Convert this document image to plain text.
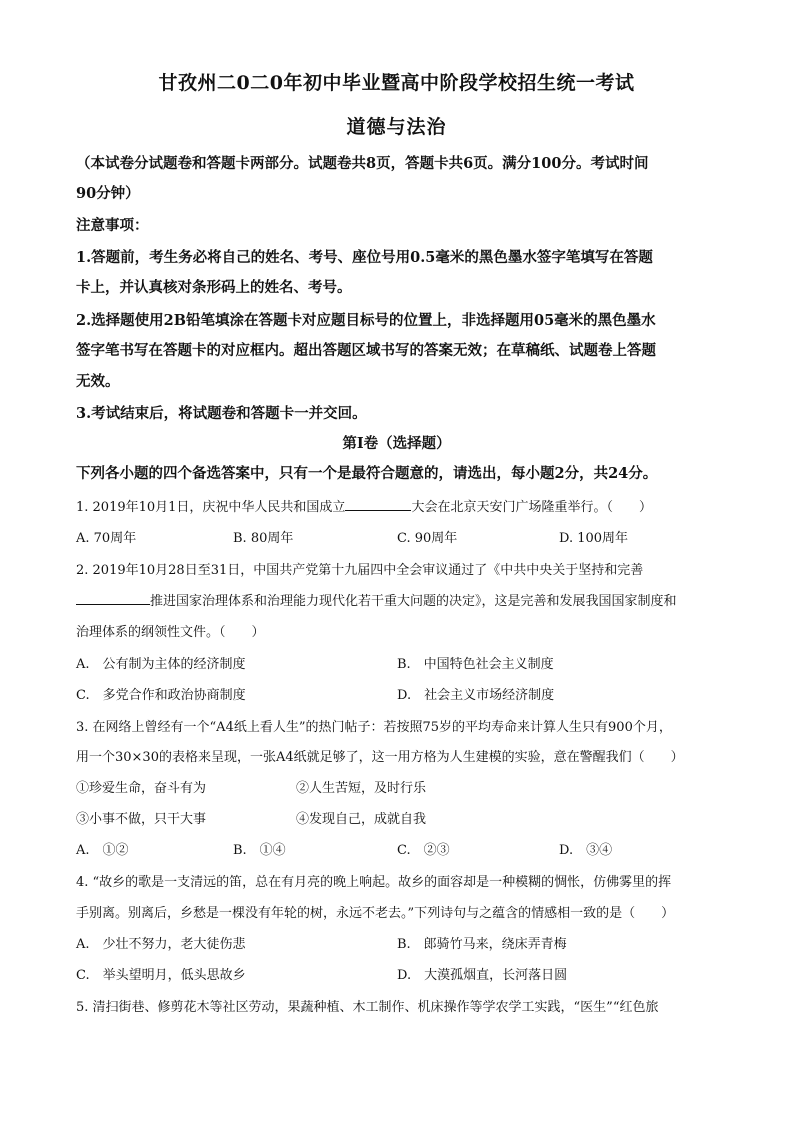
甘孜州二0二0年初中毕业暨高中阶段学校招生统一考试
道德与法治
（本试卷分试题卷和答题卡两部分。试题卷共8页，答题卡共6页。满分100分。考试时间
90分钟）
注意事项：
1.答题前，考生务必将自己的姓名、考号、座位号用0.5毫米的黑色墨水签字笔填写在答题
卡上，并认真核对条形码上的姓名、考号。
2.选择题使用2B铅笔填涂在答题卡对应题目标号的位置上，非选择题用05毫米的黑色墨水
签字笔书写在答题卡的对应框内。超出答题区域书写的答案无效；在草稿纸、试题卷上答题
无效。
3.考试结束后，将试题卷和答题卡一并交回。
第Ⅰ卷（选择题）
下列各小题的四个备选答案中，只有一个是最符合题意的，请选出，每小题2分，共24分。
1. 2019年10月1日，庆祝中华人民共和国成立	大会在北京天安门广场隆重举行。（　　）
A. 70周年	B. 80周年	C. 90周年	D. 100周年
2. 2019年10月28日至31日，中国共产党第十九届四中全会审议通过了《中共中央关于坚持和完善
推进国家治理体系和治理能力现代化若干重大问题的决定》，这是完善和发展我国国家制度和
治理体系的纲领性文件。（　　）
A.　公有制为主体的经济制度	B.　中国特色社会主义制度
C.　多党合作和政治协商制度	D.　社会主义市场经济制度
3. 在网络上曾经有一个“A4纸上看人生”的热门帖子：若按照75岁的平均寿命来计算人生只有900个月，
用一个30×30的表格来呈现，一张A4纸就足够了，这一用方格为人生建模的实验，意在警醒我们（　　）
①珍爱生命，奋斗有为	②人生苦短，及时行乐
③小事不做，只干大事	④发现自己，成就自我
A.　①②	B.　①④	C.　②③	D.　③④
4. “故乡的歌是一支清远的笛，总在有月亮的晚上响起。故乡的面容却是一种模糊的惆怅，仿佛雾里的挥
手别离。别离后，乡愁是一棵没有年轮的树，永远不老去。”下列诗句与之蕴含的情感相一致的是（　　）
A.　少壮不努力，老大徒伤悲	B.　郎骑竹马来，绕床弄青梅
C.　举头望明月，低头思故乡	D.　大漠孤烟直，长河落日圆
5. 清扫街巷、修剪花木等社区劳动，果蔬种植、木工制作、机床操作等学农学工实践，“医生”“红色旅
